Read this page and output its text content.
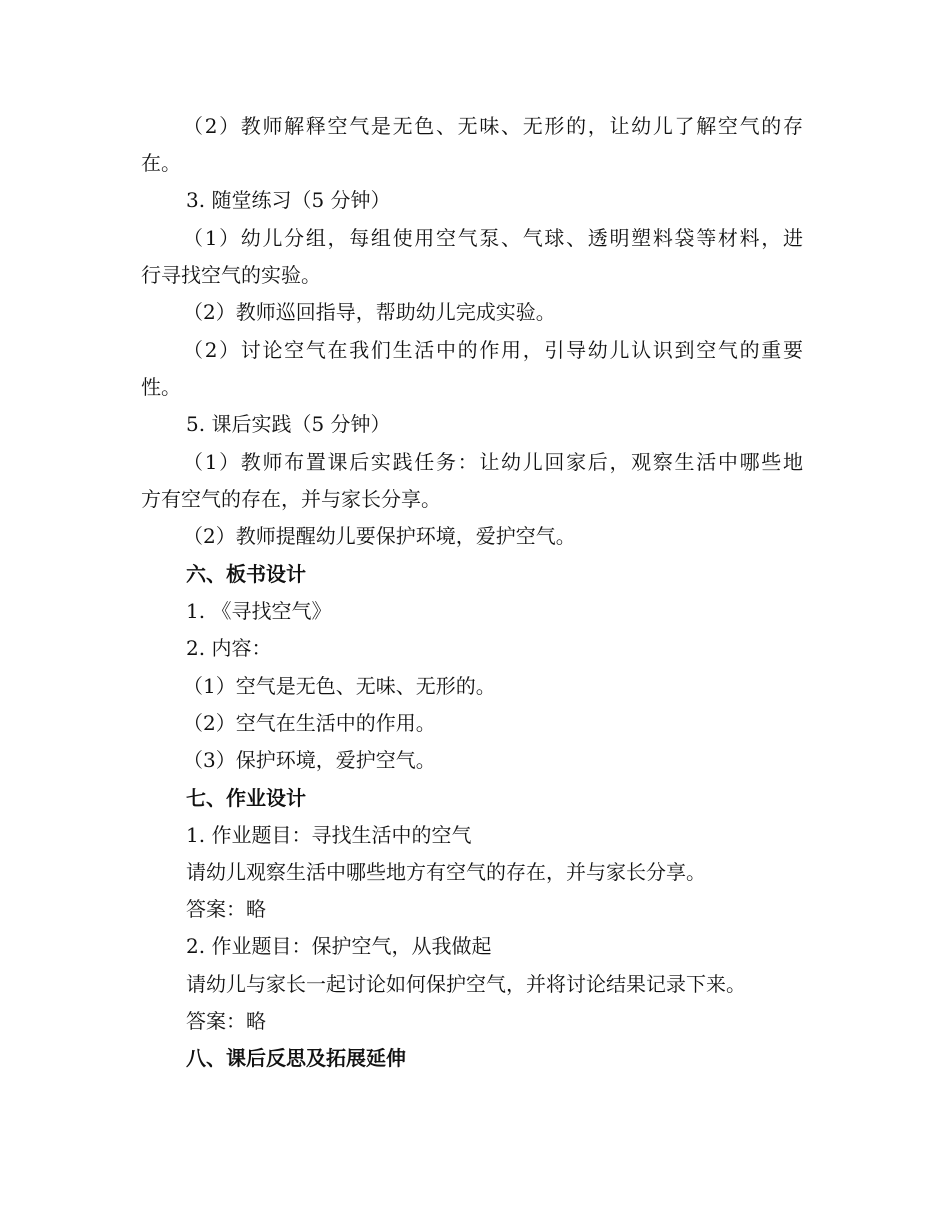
（2）教师解释空气是无色、无味、无形的，让幼儿了解空气的存
在。
3. 随堂练习（5 分钟）
（1）幼儿分组，每组使用空气泵、气球、透明塑料袋等材料，进
行寻找空气的实验。
（2）教师巡回指导，帮助幼儿完成实验。
（2）讨论空气在我们生活中的作用，引导幼儿认识到空气的重要
性。
5. 课后实践（5 分钟）
（1）教师布置课后实践任务：让幼儿回家后，观察生活中哪些地
方有空气的存在，并与家长分享。
（2）教师提醒幼儿要保护环境，爱护空气。
六、板书设计
1. 《寻找空气》
2. 内容：
（1）空气是无色、无味、无形的。
（2）空气在生活中的作用。
（3）保护环境，爱护空气。
七、作业设计
1. 作业题目：寻找生活中的空气
请幼儿观察生活中哪些地方有空气的存在，并与家长分享。
答案：略
2. 作业题目：保护空气，从我做起
请幼儿与家长一起讨论如何保护空气，并将讨论结果记录下来。
答案：略
八、课后反思及拓展延伸
